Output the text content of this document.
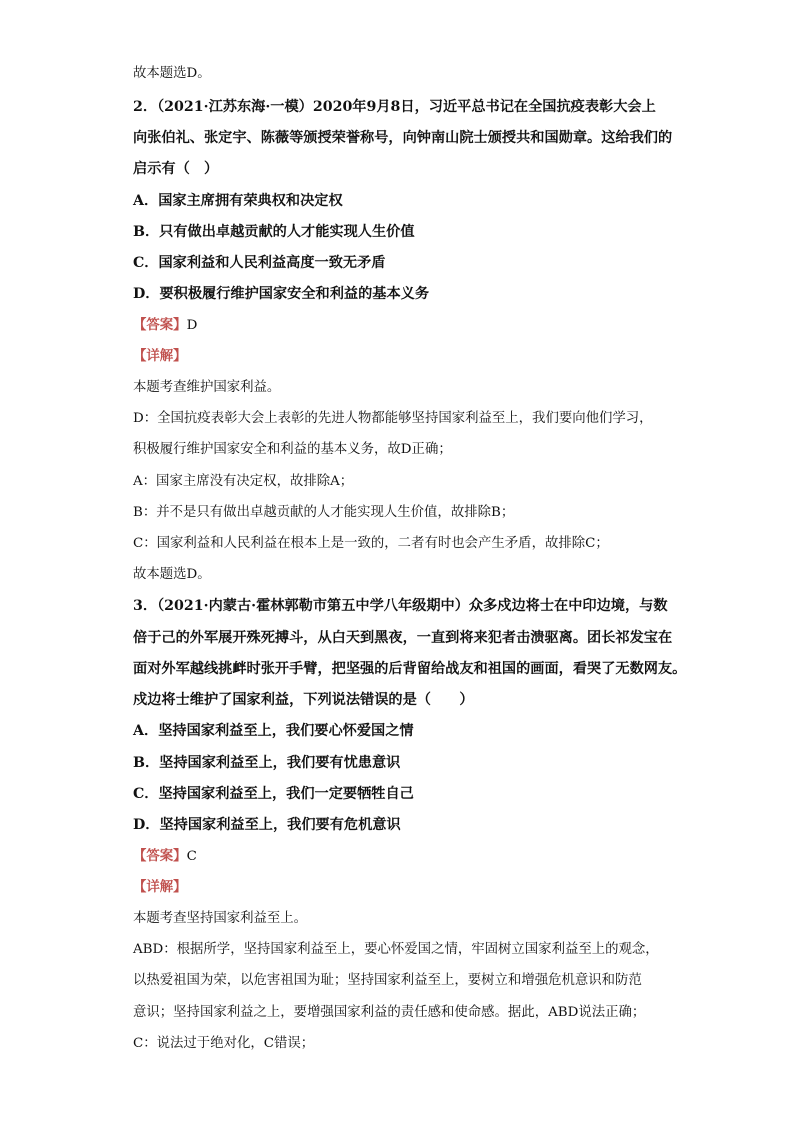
故本题选D。
2．（2021·江苏东海·一模）2020年9月8日，习近平总书记在全国抗疫表彰大会上
向张伯礼、张定宇、陈薇等颁授荣誉称号，向钟南山院士颁授共和国勋章。这给我们的
启示有（　）
A．国家主席拥有荣典权和决定权
B．只有做出卓越贡献的人才能实现人生价值
C．国家利益和人民利益高度一致无矛盾
D．要积极履行维护国家安全和利益的基本义务
【答案】D
【详解】
本题考查维护国家利益。
D：全国抗疫表彰大会上表彰的先进人物都能够坚持国家利益至上，我们要向他们学习，
积极履行维护国家安全和利益的基本义务，故D正确；
A：国家主席没有决定权，故排除A；
B：并不是只有做出卓越贡献的人才能实现人生价值，故排除B；
C：国家利益和人民利益在根本上是一致的，二者有时也会产生矛盾，故排除C；
故本题选D。
3．（2021·内蒙古·霍林郭勒市第五中学八年级期中）众多戍边将士在中印边境，与数
倍于己的外军展开殊死搏斗，从白天到黑夜，一直到将来犯者击溃驱离。团长祁发宝在
面对外军越线挑衅时张开手臂，把坚强的后背留给战友和祖国的画面，看哭了无数网友。
戍边将士维护了国家利益，下列说法错误的是（　　）
A．坚持国家利益至上，我们要心怀爱国之情
B．坚持国家利益至上，我们要有忧患意识
C．坚持国家利益至上，我们一定要牺牲自己
D．坚持国家利益至上，我们要有危机意识
【答案】C
【详解】
本题考查坚持国家利益至上。
ABD：根据所学，坚持国家利益至上，要心怀爱国之情，牢固树立国家利益至上的观念，
以热爱祖国为荣，以危害祖国为耻；坚持国家利益至上，要树立和增强危机意识和防范
意识；坚持国家利益之上，要增强国家利益的责任感和使命感。据此，ABD说法正确；
C：说法过于绝对化，C错误；
